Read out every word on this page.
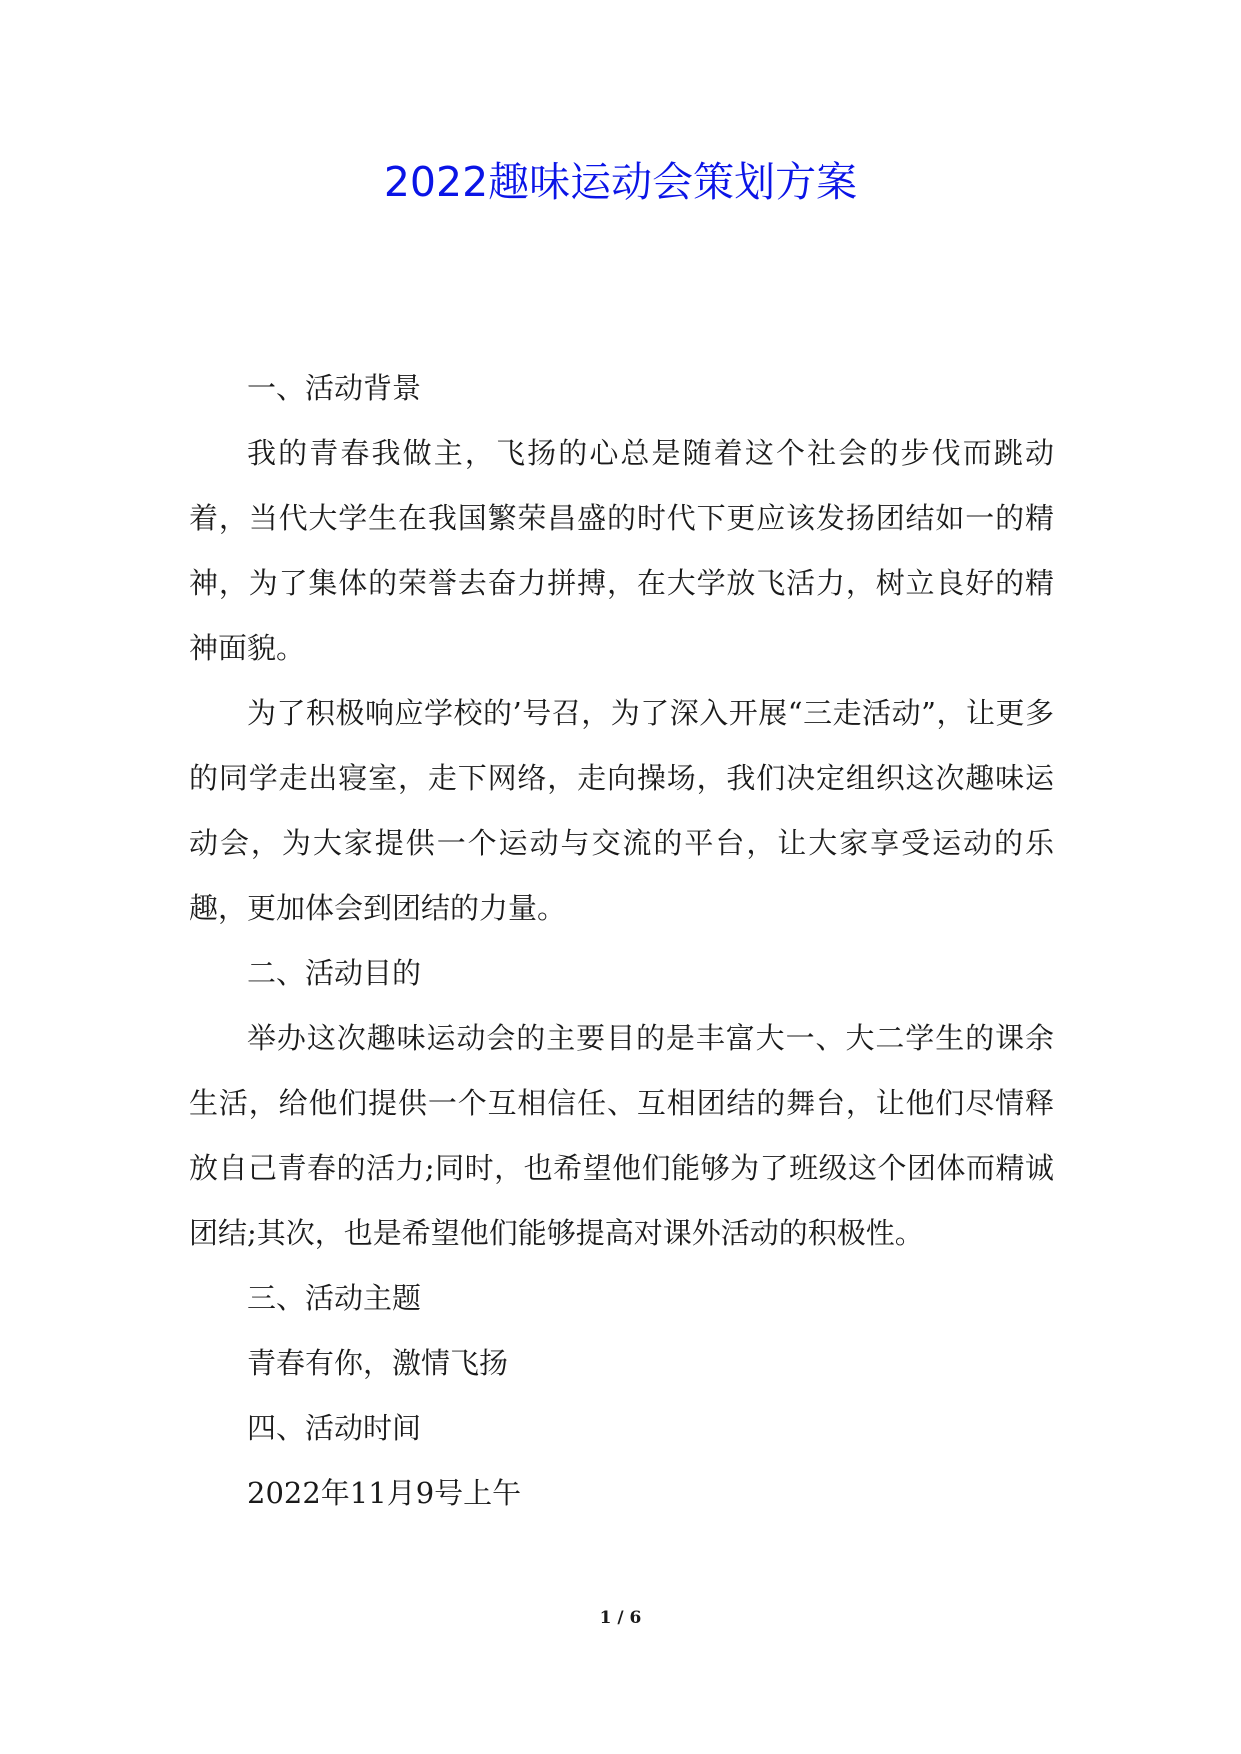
2022趣味运动会策划方案

一、活动背景

我的青春我做主，飞扬的心总是随着这个社会的步伐而跳动着，当代大学生在我国繁荣昌盛的时代下更应该发扬团结如一的精神，为了集体的荣誉去奋力拼搏，在大学放飞活力，树立良好的精神面貌。

为了积极响应学校的’号召，为了深入开展“三走活动”，让更多的同学走出寝室，走下网络，走向操场，我们决定组织这次趣味运动会，为大家提供一个运动与交流的平台，让大家享受运动的乐趣，更加体会到团结的力量。

二、活动目的

举办这次趣味运动会的主要目的是丰富大一、大二学生的课余生活，给他们提供一个互相信任、互相团结的舞台，让他们尽情释放自己青春的活力;同时，也希望他们能够为了班级这个团体而精诚团结;其次，也是希望他们能够提高对课外活动的积极性。

三、活动主题

青春有你，激情飞扬

四、活动时间

2022年11月9号上午

1 / 6
